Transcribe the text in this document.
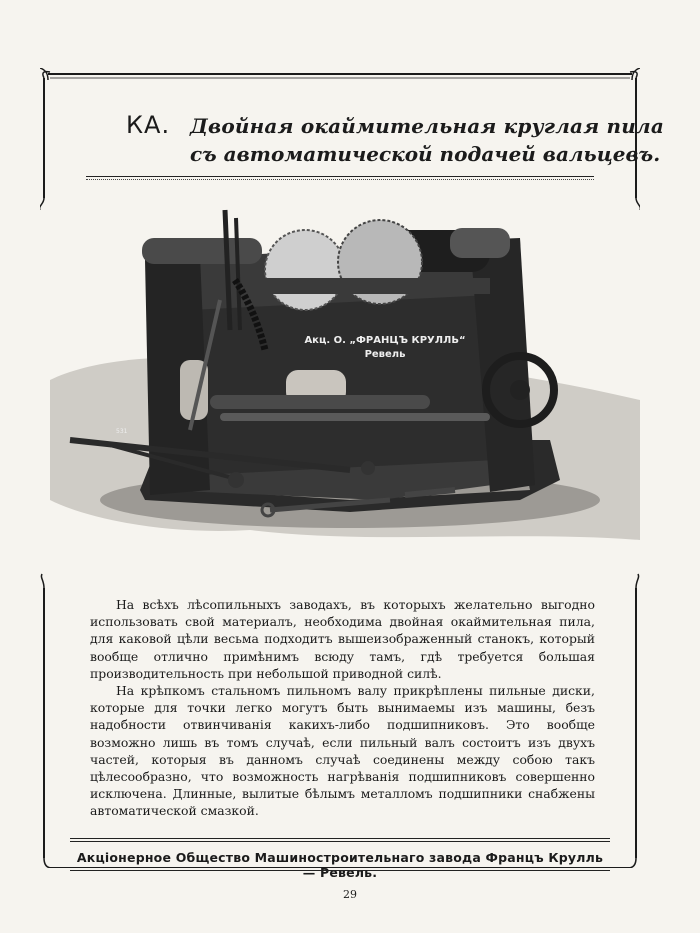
КА. Двойная окаймительная круглая пила
съ автоматической подачей вальцевъ.
Акц. О. „ФРАНЦЪ КРУЛЛЬ“
Ревель
531

На всѣхъ лѣсопильныхъ заводахъ, въ которыхъ желательно выгодно использовать свой материалъ, необходима двойная окаймительная пила, для каковой цѣли весьма подходитъ вышеизображенный станокъ, который вообще отлично примѣнимъ всюду тамъ, гдѣ требуется большая производительность при небольшой приводной силѣ.

На крѣпкомъ стальномъ пильномъ валу прикрѣплены пильные диски, которые для точки легко могутъ быть вынимаемы изъ машины, безъ надобности отвинчиванія какихъ-либо подшипниковъ. Это вообще возможно лишь въ томъ случаѣ, если пильный валъ состоитъ изъ двухъ частей, которыя въ данномъ случаѣ соединены между собою такъ цѣлесообразно, что возможность нагрѣванія подшипниковъ совершенно исключена. Длинные, вылитые бѣлымъ металломъ подшипники снабжены автоматической смазкой.

Акціонерное Общество Машиностроительнаго завода Францъ Крулль — Ревель.
29
